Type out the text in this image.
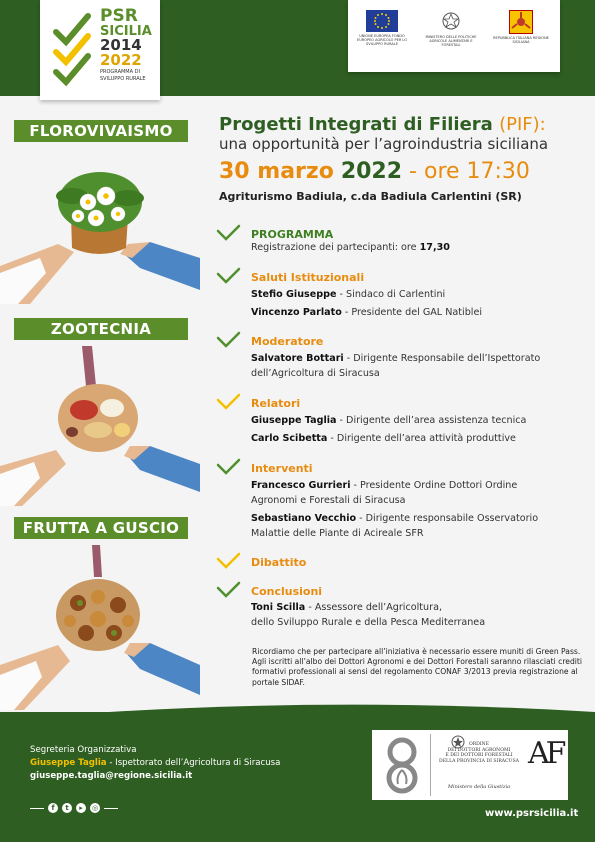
PSR
SICILIA
2014
2022
PROGRAMMA DI
SVILUPPO RURALE
UNIONE EUROPEA FONDO EUROPEO AGRICOLO PER LO SVILUPPO RURALE
MINISTERO DELLE POLITICHE AGRICOLE ALIMENTARI E FORESTALI
REPUBBLICA ITALIANA REGIONE SICILIANA
FLOROVIVAISMO
ZOOTECNIA
FRUTTA A GUSCIO
Progetti Integrati di Filiera (PIF):
una opportunità per l’agroindustria siciliana
30 marzo 2022 - ore 17:30
Agriturismo Badiula, c.da Badiula Carlentini (SR)
PROGRAMMA
Registrazione dei partecipanti: ore 17,30
Saluti Istituzionali
Stefio Giuseppe - Sindaco di Carlentini
Vincenzo Parlato - Presidente del GAL Natiblei
Moderatore
Salvatore Bottari - Dirigente Responsabile dell’Ispettorato
dell’Agricoltura di Siracusa
Relatori
Giuseppe Taglia - Dirigente dell’area assistenza tecnica
Carlo Scibetta - Dirigente dell’area attività produttive
Interventi
Francesco Gurrieri - Presidente Ordine Dottori Ordine
Agronomi e Forestali di Siracusa
Sebastiano Vecchio - Dirigente responsabile Osservatorio
Malattie delle Piante di Acireale SFR
Dibattito
Conclusioni
Toni Scilla - Assessore dell’Agricoltura,
dello Sviluppo Rurale e della Pesca Mediterranea
Ricordiamo che per partecipare all’iniziativa è necessario essere muniti di Green Pass.
Agli iscritti all’albo dei Dottori Agronomi e dei Dottori Forestali saranno rilasciati crediti formativi professionali ai sensi del regolamento CONAF 3/2013 previa registrazione al portale SIDAF.
Segreteria Organizzativa
Giuseppe Taglia - Ispettorato dell’Agricoltura di Siracusa
giuseppe.taglia@regione.sicilia.it
f	t	▸	◎	www.psrsicilia.it
ORDINE
DEI DOTTORI AGRONOMI
E DEI DOTTORI FORESTALI
DELLA PROVINCIA DI SIRACUSA
Ministero della Giustizia
AF
